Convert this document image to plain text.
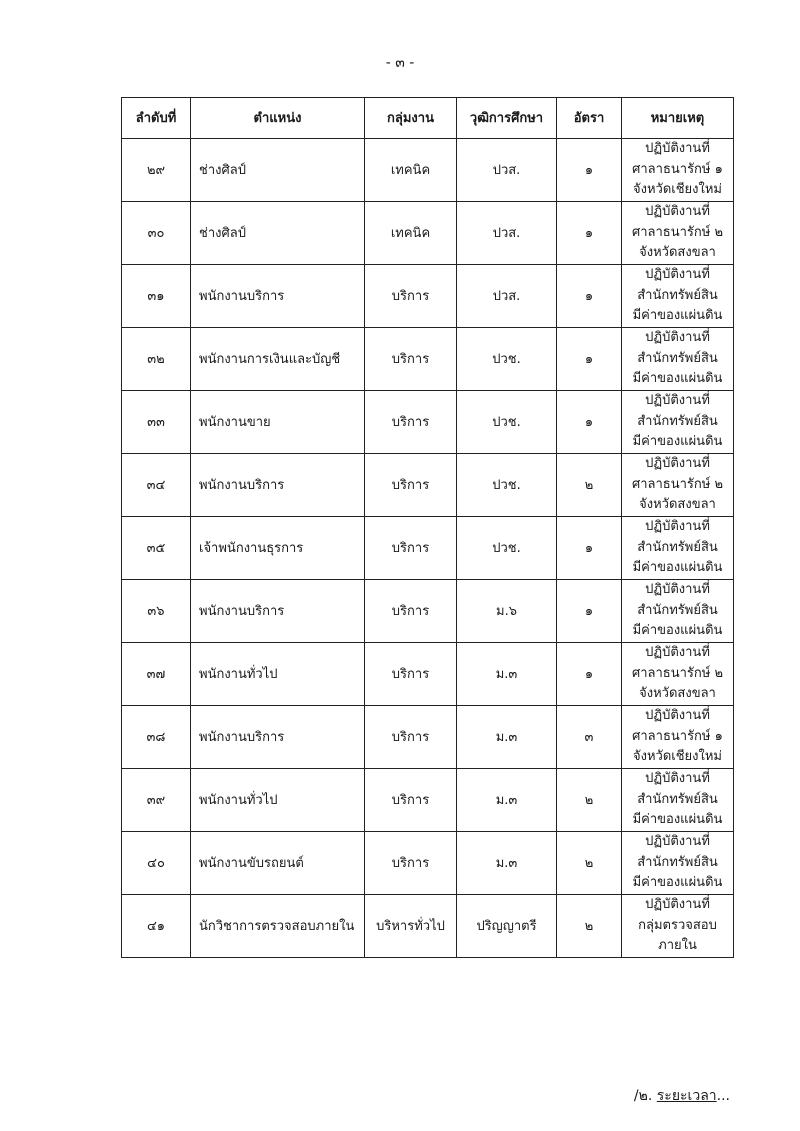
- ๓ -
ลำดับที่	ตำแหน่ง	กลุ่มงาน	วุฒิการศึกษา	อัตรา	หมายเหตุ
๒๙	ช่างศิลป์	เทคนิค	ปวส.	๑	ปฏิบัติงานที่
ศาลาธนารักษ์ ๑
จังหวัดเชียงใหม่

๓๐	ช่างศิลป์	เทคนิค	ปวส.	๑	ปฏิบัติงานที่
ศาลาธนารักษ์ ๒
จังหวัดสงขลา

๓๑	พนักงานบริการ	บริการ	ปวส.	๑	ปฏิบัติงานที่
สำนักทรัพย์สิน
มีค่าของแผ่นดิน

๓๒	พนักงานการเงินและบัญชี	บริการ	ปวช.	๑	ปฏิบัติงานที่
สำนักทรัพย์สิน
มีค่าของแผ่นดิน

๓๓	พนักงานขาย	บริการ	ปวช.	๑	ปฏิบัติงานที่
สำนักทรัพย์สิน
มีค่าของแผ่นดิน

๓๔	พนักงานบริการ	บริการ	ปวช.	๒	ปฏิบัติงานที่
ศาลาธนารักษ์ ๒
จังหวัดสงขลา

๓๕	เจ้าพนักงานธุรการ	บริการ	ปวช.	๑	ปฏิบัติงานที่
สำนักทรัพย์สิน
มีค่าของแผ่นดิน

๓๖	พนักงานบริการ	บริการ	ม.๖	๑	ปฏิบัติงานที่
สำนักทรัพย์สิน
มีค่าของแผ่นดิน

๓๗	พนักงานทั่วไป	บริการ	ม.๓	๑	ปฏิบัติงานที่
ศาลาธนารักษ์ ๒
จังหวัดสงขลา

๓๘	พนักงานบริการ	บริการ	ม.๓	๓	ปฏิบัติงานที่
ศาลาธนารักษ์ ๑
จังหวัดเชียงใหม่

๓๙	พนักงานทั่วไป	บริการ	ม.๓	๒	ปฏิบัติงานที่
สำนักทรัพย์สิน
มีค่าของแผ่นดิน

๔๐	พนักงานขับรถยนต์	บริการ	ม.๓	๒	ปฏิบัติงานที่
สำนักทรัพย์สิน
มีค่าของแผ่นดิน

๔๑	นักวิชาการตรวจสอบภายใน	บริหารทั่วไป	ปริญญาตรี	๒	ปฏิบัติงานที่
กลุ่มตรวจสอบ
ภายใน
/๒. ระยะเวลา...
